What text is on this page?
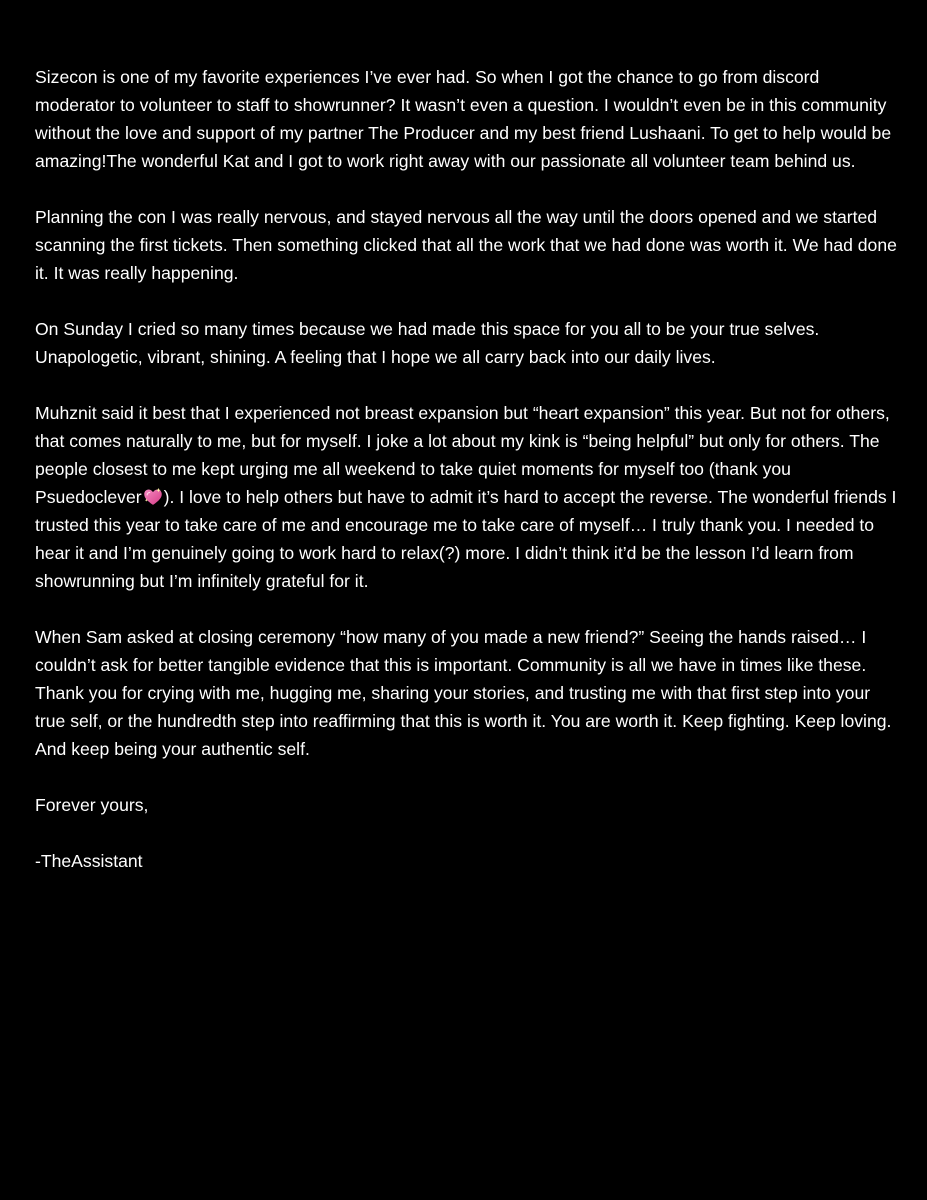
Sizecon is one of my favorite experiences I’ve ever had. So when I got the chance to go from discord moderator to volunteer to staff to showrunner? It wasn’t even a question. I wouldn’t even be in this community without the love and support of my partner The Producer and my best friend Lushaani. To get to help would be amazing!The wonderful Kat and I got to work right away with our passionate all volunteer team behind us.

Planning the con I was really nervous, and stayed nervous all the way until the doors opened and we started scanning the first tickets. Then something clicked that all the work that we had done was worth it. We had done it. It was really happening.

On Sunday I cried so many times because we had made this space for you all to be your true selves. Unapologetic, vibrant, shining. A feeling that I hope we all carry back into our daily lives.

Muhznit said it best that I experienced not breast expansion but “heart expansion” this year. But not for others, that comes naturally to me, but for myself. I joke a lot about my kink is “being helpful” but only for others. The people closest to me kept urging me all weekend to take quiet moments for myself too (thank you Psuedoclever ). I love to help others but have to admit it’s hard to accept the reverse. The wonderful friends I trusted this year to take care of me and encourage me to take care of myself… I truly thank you. I needed to hear it and I’m genuinely going to work hard to relax(?) more. I didn’t think it’d be the lesson I’d learn from showrunning but I’m infinitely grateful for it.

When Sam asked at closing ceremony “how many of you made a new friend?” Seeing the hands raised… I couldn’t ask for better tangible evidence that this is important. Community is all we have in times like these. Thank you for crying with me, hugging me, sharing your stories, and trusting me with that first step into your true self, or the hundredth step into reaffirming that this is worth it. You are worth it. Keep fighting. Keep loving. And keep being your authentic self.

Forever yours,

-TheAssistant
